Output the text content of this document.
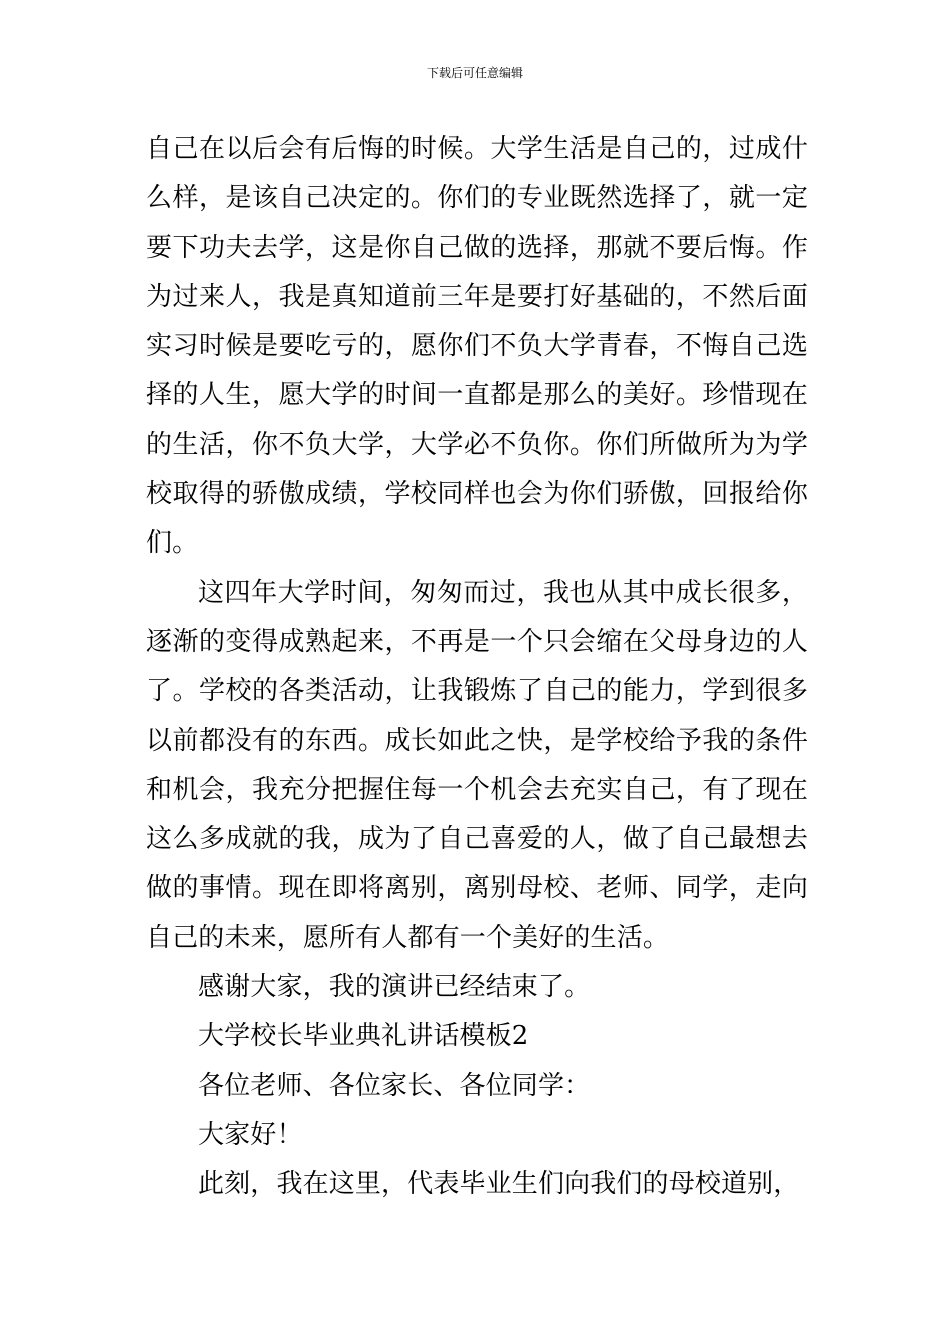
下载后可任意编辑

自己在以后会有后悔的时候。大学生活是自己的，过成什么样，是该自己决定的。你们的专业既然选择了，就一定要下功夫去学，这是你自己做的选择，那就不要后悔。作为过来人，我是真知道前三年是要打好基础的，不然后面实习时候是要吃亏的，愿你们不负大学青春，不悔自己选择的人生，愿大学的时间一直都是那么的美好。珍惜现在的生活，你不负大学，大学必不负你。你们所做所为为学校取得的骄傲成绩，学校同样也会为你们骄傲，回报给你们。

这四年大学时间，匆匆而过，我也从其中成长很多，逐渐的变得成熟起来，不再是一个只会缩在父母身边的人了。学校的各类活动，让我锻炼了自己的能力，学到很多以前都没有的东西。成长如此之快，是学校给予我的条件和机会，我充分把握住每一个机会去充实自己，有了现在这么多成就的我，成为了自己喜爱的人，做了自己最想去做的事情。现在即将离别，离别母校、老师、同学，走向自己的未来，愿所有人都有一个美好的生活。

感谢大家，我的演讲已经结束了。

大学校长毕业典礼讲话模板2

各位老师、各位家长、各位同学：

大家好！

此刻，我在这里，代表毕业生们向我们的母校道别，
